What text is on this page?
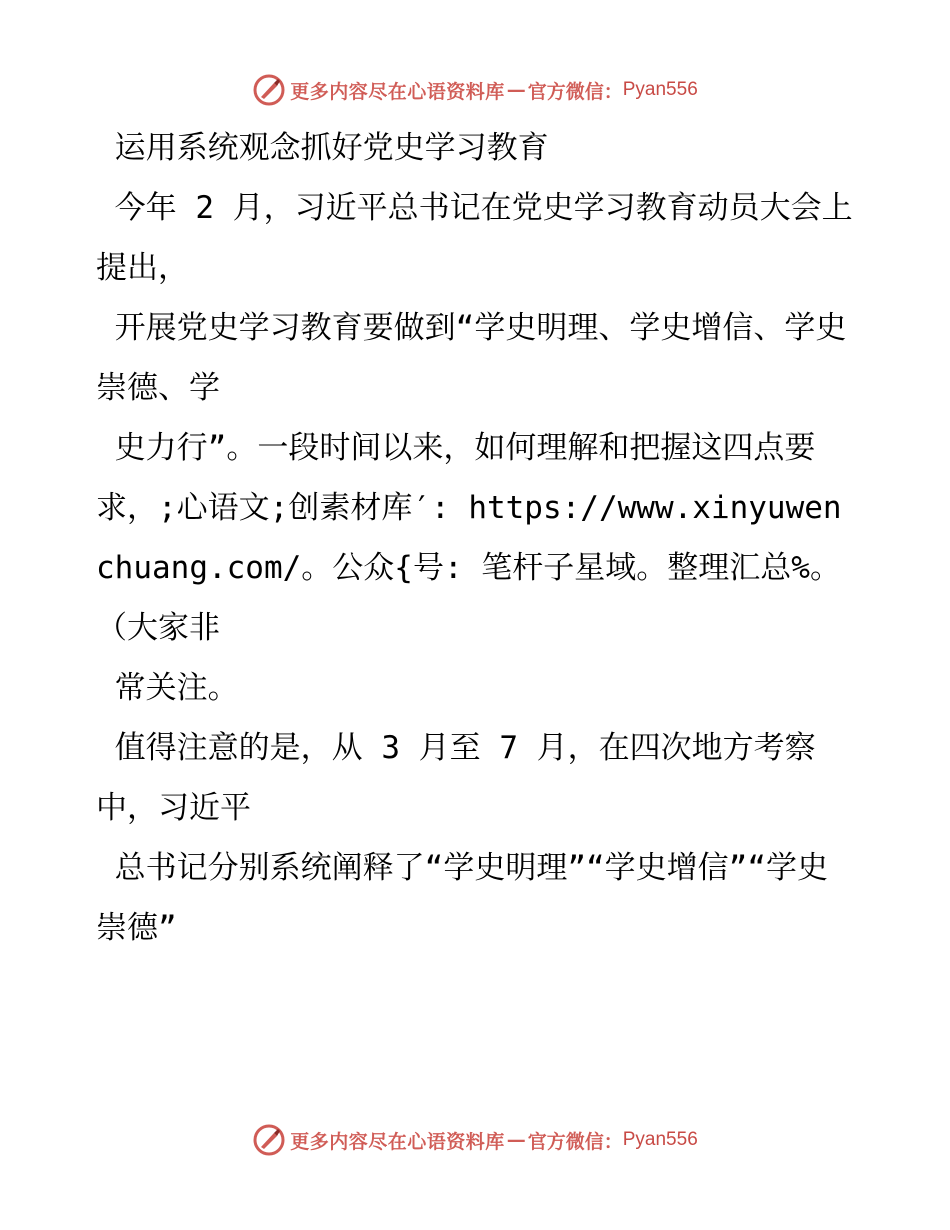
更多内容尽在心语资料库 — 官方微信： Pyan556

运用系统观念抓好党史学习教育

今年 2 月，习近平总书记在党史学习教育动员大会上提出，

开展党史学习教育要做到“学史明理、学史增信、学史崇德、学

史力行”。一段时间以来，如何理解和把握这四点要求，;心语文;创素材库′: https://www.xinyuwenchuang.com/。公众{号: 笔杆子星域。整理汇总%。（大家非

常关注。

值得注意的是，从 3 月至 7 月，在四次地方考察中，习近平

总书记分别系统阐释了“学史明理”“学史增信”“学史崇德”

更多内容尽在心语资料库 — 官方微信： Pyan556
